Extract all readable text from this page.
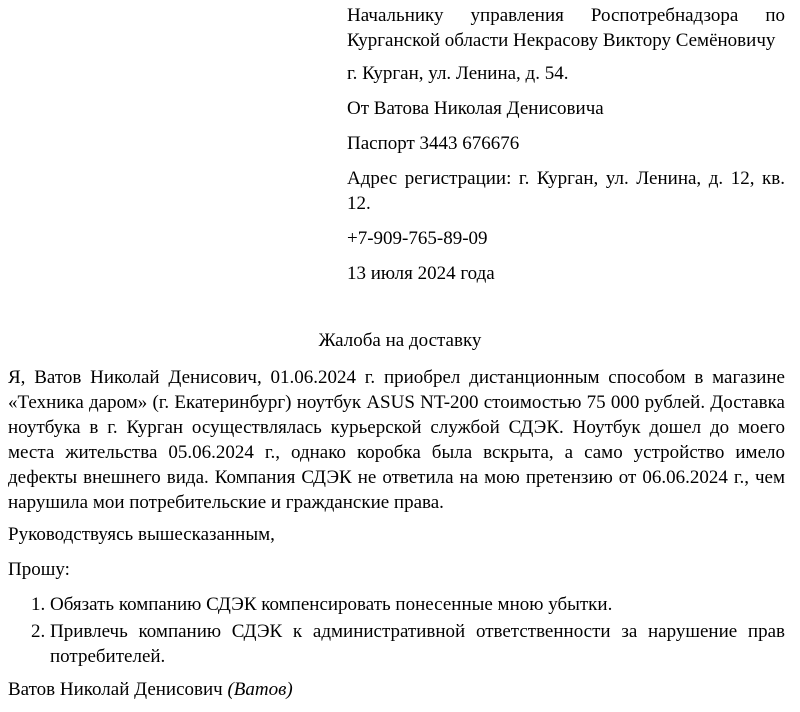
Начальнику управления Роспотребнадзора по Курганской области Некрасову Виктору Семёновичу

г. Курган, ул. Ленина, д. 54.

От Ватова Николая Денисовича

Паспорт 3443 676676

Адрес регистрации: г. Курган, ул. Ленина, д. 12, кв. 12.

+7-909-765-89-09

13 июля 2024 года

Жалоба на доставку

Я, Ватов Николай Денисович, 01.06.2024 г. приобрел дистанционным способом в магазине «Техника даром» (г. Екатеринбург) ноутбук ASUS NT-200 стоимостью 75 000 рублей. Доставка ноутбука в г. Курган осуществлялась курьерской службой СДЭК. Ноутбук дошел до моего места жительства 05.06.2024 г., однако коробка была вскрыта, а само устройство имело дефекты внешнего вида. Компания СДЭК не ответила на мою претензию от 06.06.2024 г., чем нарушила мои потребительские и гражданские права.

Руководствуясь вышесказанным,

Прошу:

1. Обязать компанию СДЭК компенсировать понесенные мною убытки.
2. Привлечь компанию СДЭК к административной ответственности за нарушение прав потребителей.

Ватов Николай Денисович (Ватов)
